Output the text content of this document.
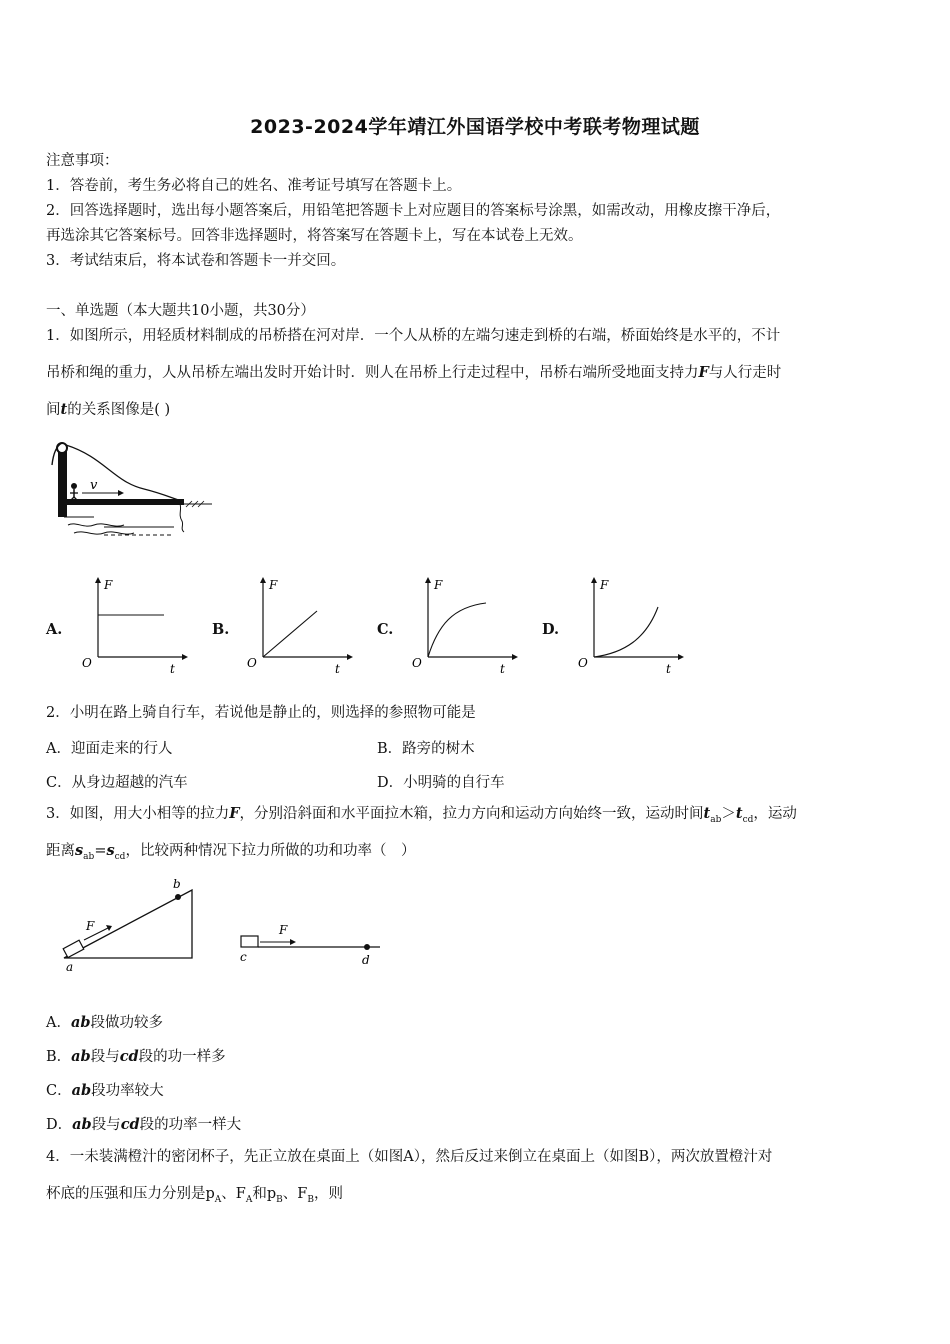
2023-2024学年靖江外国语学校中考联考物理试题
注意事项：
1．答卷前，考生务必将自己的姓名、准考证号填写在答题卡上。
2．回答选择题时，选出每小题答案后，用铅笔把答题卡上对应题目的答案标号涂黑，如需改动，用橡皮擦干净后，
再选涂其它答案标号。回答非选择题时，将答案写在答题卡上，写在本试卷上无效。
3．考试结束后，将本试卷和答题卡一并交回。
一、单选题（本大题共10小题，共30分）
1．如图所示，用轻质材料制成的吊桥搭在河对岸．一个人从桥的左端匀速走到桥的右端，桥面始终是水平的，不计
吊桥和绳的重力，人从吊桥左端出发时开始计时．则人在吊桥上行走过程中，吊桥右端所受地面支持力F与人行走时
间t的关系图像是( )
v
A.
F
t
O
B.
F
t
O
C.
F
t
O
D.
F
t
O
2．小明在路上骑自行车，若说他是静止的，则选择的参照物可能是
A．迎面走来的行人	B．路旁的树木
C．从身边超越的汽车	D．小明骑的自行车
3．如图，用大小相等的拉力F，分别沿斜面和水平面拉木箱，拉力方向和运动方向始终一致，运动时间$t_{ab}>t_{cd}$，运动
距离$s_{ab}=s_{cd}$，比较两种情况下拉力所做的功和功率（　）
F
b
a
F
c	d
A．ab段做功较多
B．ab段与cd段的功一样多
C．ab段功率较大
D．ab段与cd段的功率一样大
4．一未装满橙汁的密闭杯子，先正立放在桌面上（如图A），然后反过来倒立在桌面上（如图B），两次放置橙汁对
杯底的压强和压力分别是$p_A$、$F_A$和$p_B$、$F_B$，则
